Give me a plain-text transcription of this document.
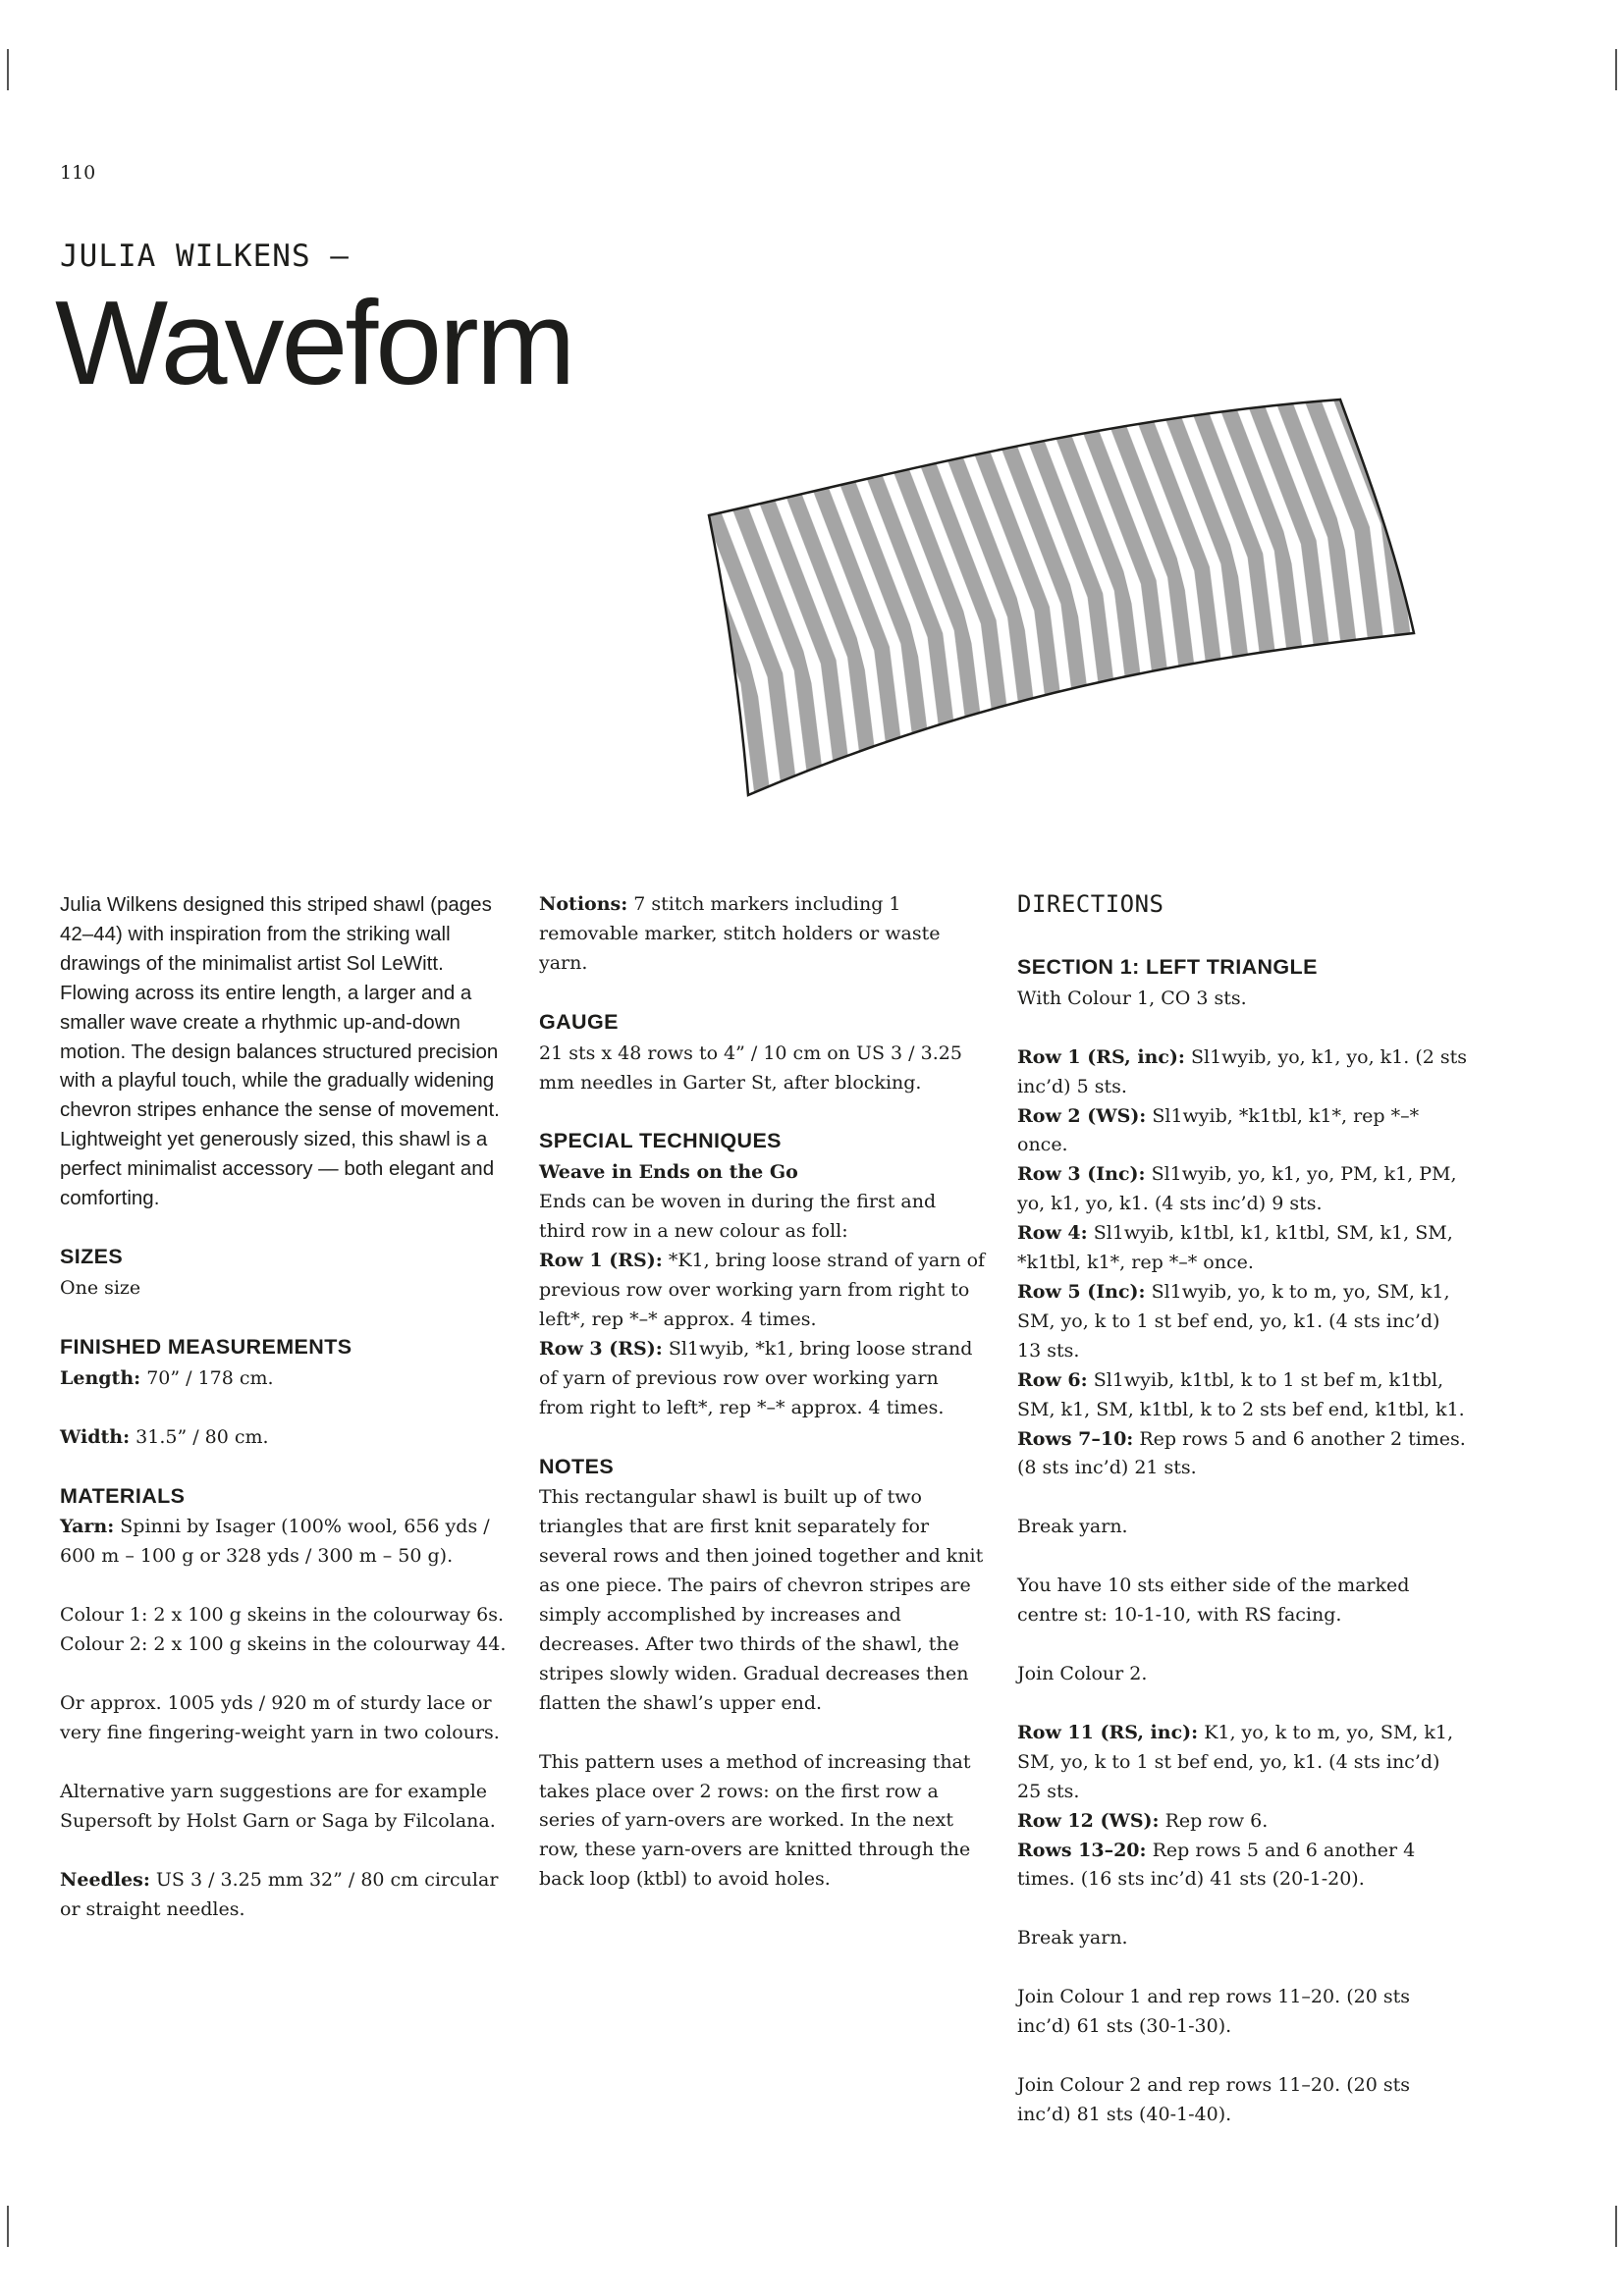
110
JULIA WILKENS —
Waveform

Julia Wilkens designed this striped shawl (pages 42–44) with inspiration from the striking wall drawings of the minimalist artist Sol LeWitt. Flowing across its entire length, a larger and a smaller wave create a rhythmic up-and-down motion. The design balances structured precision with a playful touch, while the gradually widening chevron stripes enhance the sense of movement. Lightweight yet generously sized, this shawl is a perfect minimalist accessory — both elegant and comforting.

SIZES

One size

FINISHED MEASUREMENTS

Length: 70” / 178 cm.

Width: 31.5” / 80 cm.

MATERIALS

Yarn: Spinni by Isager (100% wool, 656 yds / 600 m – 100 g or 328 yds / 300 m – 50 g).

Colour 1: 2 x 100 g skeins in the colourway 6s.

Colour 2: 2 x 100 g skeins in the colourway 44.

Or approx. 1005 yds / 920 m of sturdy lace or very fine fingering-weight yarn in two colours.

Alternative yarn suggestions are for example Supersoft by Holst Garn or Saga by Filcolana.

Needles: US 3 / 3.25 mm 32” / 80 cm circular or straight needles.

Notions: 7 stitch markers including 1 removable marker, stitch holders or waste yarn.

GAUGE

21 sts x 48 rows to 4” / 10 cm on US 3 / 3.25 mm needles in Garter St, after blocking.

SPECIAL TECHNIQUES

Weave in Ends on the Go

Ends can be woven in during the first and third row in a new colour as foll:

Row 1 (RS): *K1, bring loose strand of yarn of previous row over working yarn from right to left*, rep *–* approx. 4 times.

Row 3 (RS): Sl1wyib, *k1, bring loose strand of yarn of previous row over working yarn from right to left*, rep *–* approx. 4 times.

NOTES

This rectangular shawl is built up of two triangles that are first knit separately for several rows and then joined together and knit as one piece. The pairs of chevron stripes are simply accomplished by increases and decreases. After two thirds of the shawl, the stripes slowly widen. Gradual decreases then flatten the shawl’s upper end.

This pattern uses a method of increasing that takes place over 2 rows: on the first row a series of yarn-overs are worked. In the next row, these yarn-overs are knitted through the back loop (ktbl) to avoid holes.

DIRECTIONS

SECTION 1: LEFT TRIANGLE

With Colour 1, CO 3 sts.

Row 1 (RS, inc): Sl1wyib, yo, k1, yo, k1. (2 sts inc’d) 5 sts.

Row 2 (WS): Sl1wyib, *k1tbl, k1*, rep *–* once.

Row 3 (Inc): Sl1wyib, yo, k1, yo, PM, k1, PM, yo, k1, yo, k1. (4 sts inc’d) 9 sts.

Row 4: Sl1wyib, k1tbl, k1, k1tbl, SM, k1, SM, *k1tbl, k1*, rep *–* once.

Row 5 (Inc): Sl1wyib, yo, k to m, yo, SM, k1, SM, yo, k to 1 st bef end, yo, k1. (4 sts inc’d) 13 sts.

Row 6: Sl1wyib, k1tbl, k to 1 st bef m, k1tbl, SM, k1, SM, k1tbl, k to 2 sts bef end, k1tbl, k1.

Rows 7–10: Rep rows 5 and 6 another 2 times. (8 sts inc’d) 21 sts.

Break yarn.

You have 10 sts either side of the marked centre st: 10-1-10, with RS facing.

Join Colour 2.

Row 11 (RS, inc): K1, yo, k to m, yo, SM, k1, SM, yo, k to 1 st bef end, yo, k1. (4 sts inc’d) 25 sts.

Row 12 (WS): Rep row 6.

Rows 13–20: Rep rows 5 and 6 another 4 times. (16 sts inc’d) 41 sts (20-1-20).

Break yarn.

Join Colour 1 and rep rows 11–20. (20 sts inc’d) 61 sts (30-1-30).

Join Colour 2 and rep rows 11–20. (20 sts inc’d) 81 sts (40-1-40).
